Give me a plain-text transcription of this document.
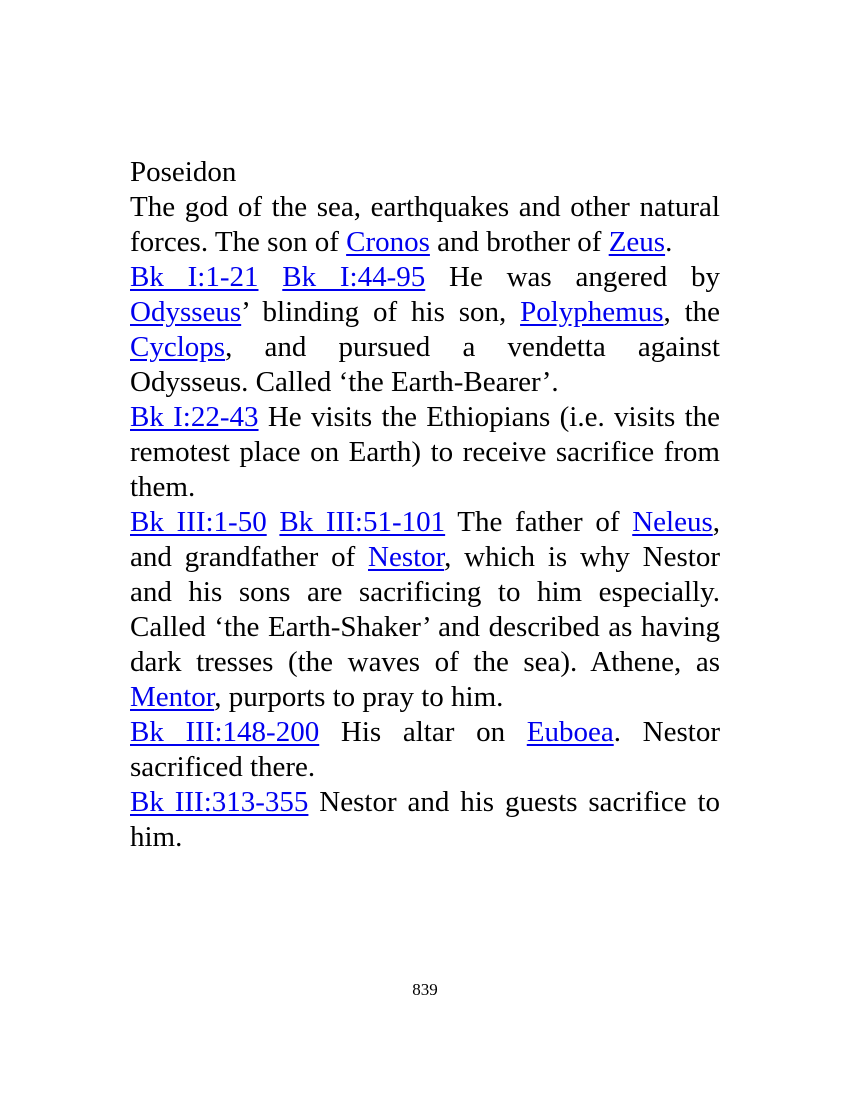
Poseidon

The god of the sea, earthquakes and other natural forces. The son of Cronos and brother of Zeus.

Bk I:1-21 Bk I:44-95 He was angered by Odysseus’ blinding of his son, Polyphemus, the Cyclops, and pursued a vendetta against Odysseus. Called ‘the Earth-Bearer’.

Bk I:22-43 He visits the Ethiopians (i.e. visits the remotest place on Earth) to receive sacrifice from them.

Bk III:1-50 Bk III:51-101 The father of Neleus, and grandfather of Nestor, which is why Nestor and his sons are sacrificing to him especially. Called ‘the Earth-Shaker’ and described as having dark tresses (the waves of the sea). Athene, as Mentor, purports to pray to him.

Bk III:148-200 His altar on Euboea. Nestor sacrificed there.

Bk III:313-355 Nestor and his guests sacrifice to him.

839
